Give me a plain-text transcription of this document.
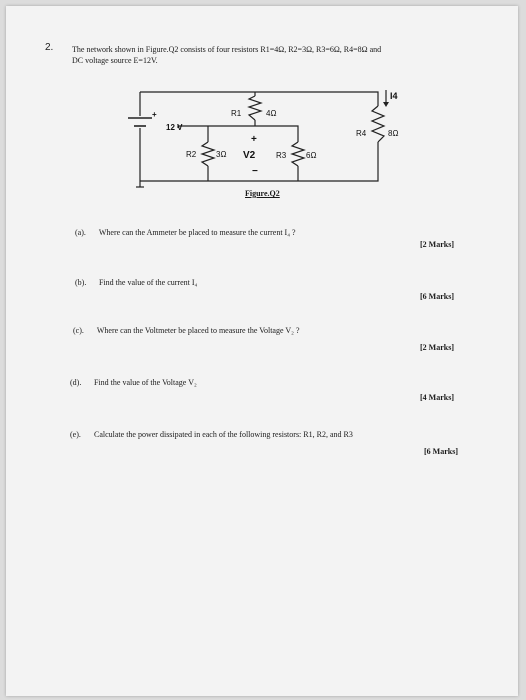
2. The network shown in Figure.Q2 consists of four resistors R1=4Ω, R2=3Ω, R3=6Ω, R4=8Ω and
DC voltage source E=12V.
+
12 V
R1	4Ω
+
V2
−
R2 3Ω	R3 6Ω
R4	8Ω
I4
Figure.Q2
(a). Where can the Ammeter be placed to measure the current I₄ ?
[2 Marks]
(b). Find the value of the current I₄
[6 Marks]
(c). Where can the Voltmeter be placed to measure the Voltage V₂ ?
[2 Marks]
(d). Find the value of the Voltage V₂
[4 Marks]
(e). Calculate the power dissipated in each of the following resistors: R1, R2, and R3
[6 Marks]
